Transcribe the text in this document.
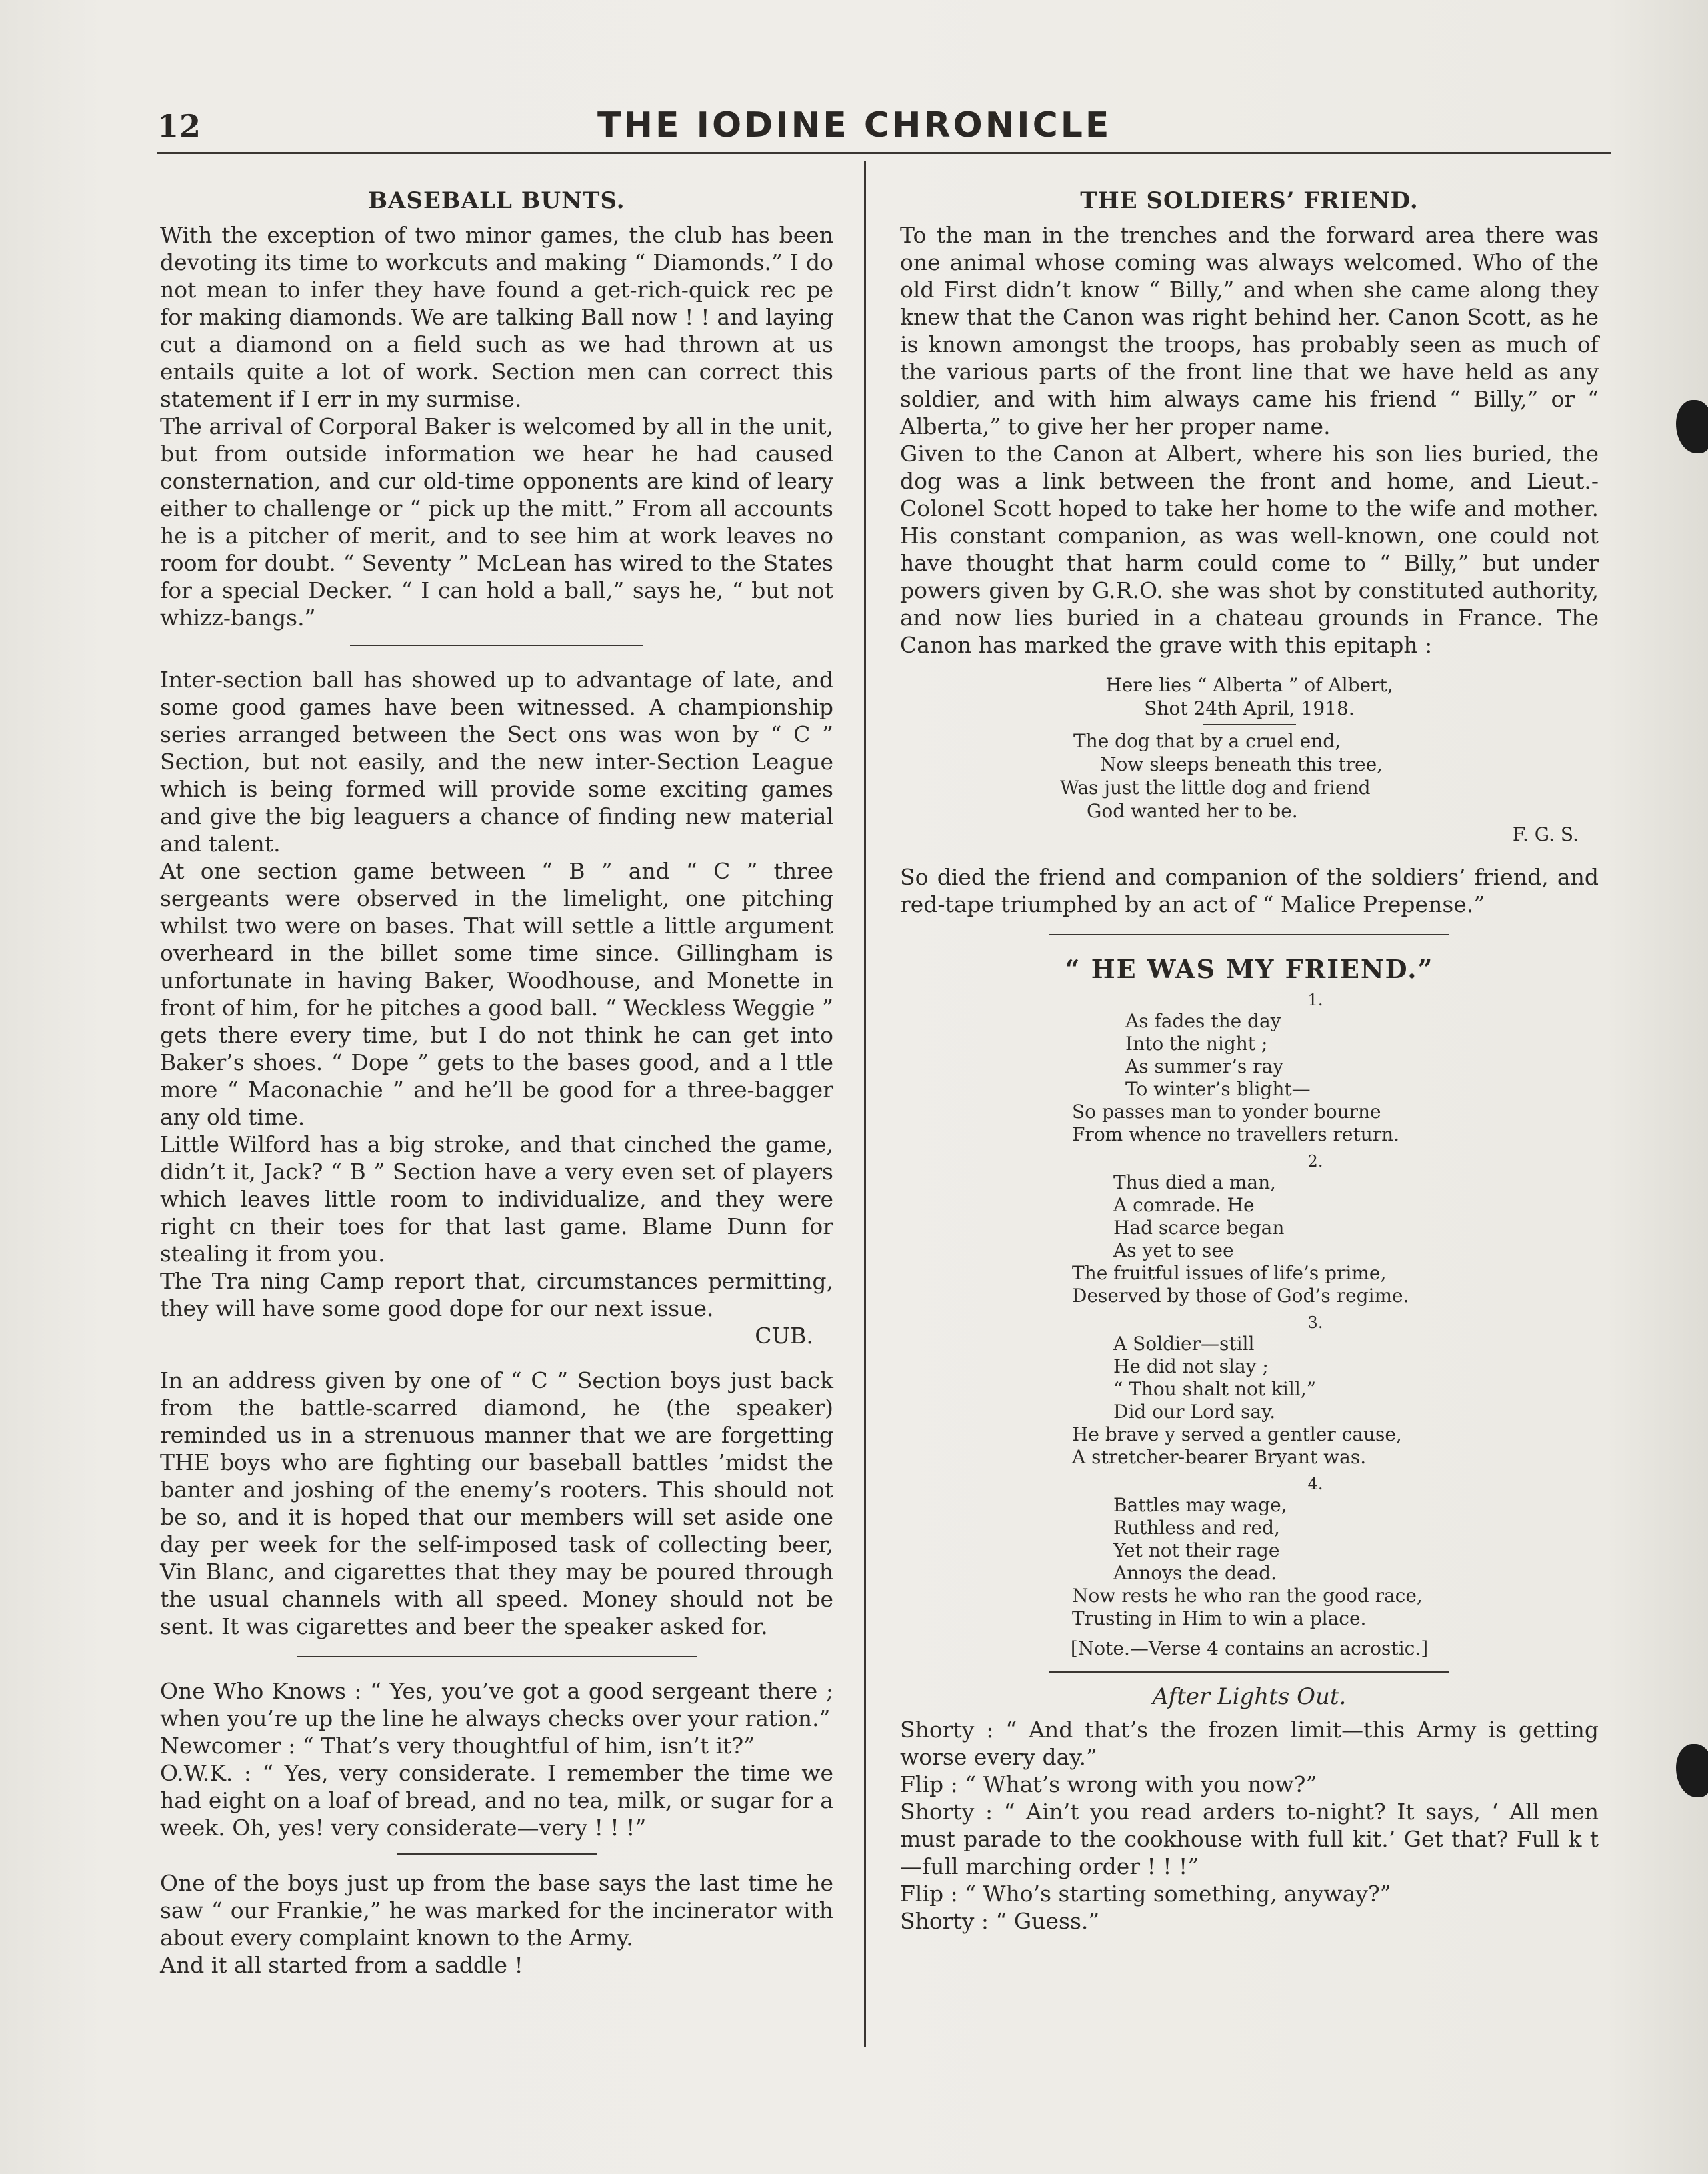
12	THE IODINE CHRONICLE
BASEBALL BUNTS.

With the exception of two minor games, the club has been devoting its time to workcuts and making “ Diamonds.” I do not mean to infer they have found a get-rich-quick rec pe for making diamonds. We are talking Ball now ! ! and laying cut a diamond on a field such as we had thrown at us entails quite a lot of work. Section men can correct this statement if I err in my surmise.

The arrival of Corporal Baker is welcomed by all in the unit, but from outside information we hear he had caused consternation, and cur old-time opponents are kind of leary either to challenge or “ pick up the mitt.” From all accounts he is a pitcher of merit, and to see him at work leaves no room for doubt. “ Seventy ” McLean has wired to the States for a special Decker. “ I can hold a ball,” says he, “ but not whizz-bangs.”

Inter-section ball has showed up to advantage of late, and some good games have been witnessed. A championship series arranged between the Sect ons was won by “ C ” Section, but not easily, and the new inter-Section League which is being formed will provide some exciting games and give the big leaguers a chance of finding new material and talent.

At one section game between “ B ” and “ C ” three sergeants were observed in the limelight, one pitching whilst two were on bases. That will settle a little argument overheard in the billet some time since. Gillingham is unfortunate in having Baker, Woodhouse, and Monette in front of him, for he pitches a good ball. “ Weckless Weggie ” gets there every time, but I do not think he can get into Baker’s shoes. “ Dope ” gets to the bases good, and a l ttle more “ Maconachie ” and he’ll be good for a three-bagger any old time.

Little Wilford has a big stroke, and that cinched the game, didn’t it, Jack? “ B ” Section have a very even set of players which leaves little room to individualize, and they were right cn their toes for that last game. Blame Dunn for stealing it from you.

The Tra ning Camp report that, circumstances permitting, they will have some good dope for our next issue.

CUB.

In an address given by one of “ C ” Section boys just back from the battle-scarred diamond, he (the speaker) reminded us in a strenuous manner that we are forgetting THE boys who are fighting our baseball battles ’midst the banter and joshing of the enemy’s rooters. This should not be so, and it is hoped that our members will set aside one day per week for the self-imposed task of collecting beer, Vin Blanc, and cigarettes that they may be poured through the usual channels with all speed. Money should not be sent. It was cigarettes and beer the speaker asked for.

One Who Knows : “ Yes, you’ve got a good sergeant there ; when you’re up the line he always checks over your ration.”

Newcomer : “ That’s very thoughtful of him, isn’t it?”

O.W.K. : “ Yes, very considerate. I remember the time we had eight on a loaf of bread, and no tea, milk, or sugar for a week. Oh, yes! very considerate—very ! ! !”

One of the boys just up from the base says the last time he saw “ our Frankie,” he was marked for the incinerator with about every complaint known to the Army.

And it all started from a saddle !

THE SOLDIERS’ FRIEND.

To the man in the trenches and the forward area there was one animal whose coming was always welcomed. Who of the old First didn’t know “ Billy,” and when she came along they knew that the Canon was right behind her. Canon Scott, as he is known amongst the troops, has probably seen as much of the various parts of the front line that we have held as any soldier, and with him always came his friend “ Billy,” or “ Alberta,” to give her her proper name.

Given to the Canon at Albert, where his son lies buried, the dog was a link between the front and home, and Lieut.-Colonel Scott hoped to take her home to the wife and mother. His constant companion, as was well-known, one could not have thought that harm could come to “ Billy,” but under powers given by G.R.O. she was shot by constituted authority, and now lies buried in a chateau grounds in France. The Canon has marked the grave with this epitaph :

Here lies “ Alberta ” of Albert,
Shot 24th April, 1918.
The dog that by a cruel end,
Now sleeps beneath this tree,
Was just the little dog and friend
God wanted her to be.
F. G. S.

So died the friend and companion of the soldiers’ friend, and red-tape triumphed by an act of “ Malice Prepense.”

“ HE WAS MY FRIEND.”
1.
As fades the day
Into the night ;
As summer’s ray
To winter’s blight—
So passes man to yonder bourne
From whence no travellers return.
2.
Thus died a man,
A comrade. He
Had scarce began
As yet to see
The fruitful issues of life’s prime,
Deserved by those of God’s regime.
3.
A Soldier—still
He did not slay ;
“ Thou shalt not kill,”
Did our Lord say.
He brave y served a gentler cause,
A stretcher-bearer Bryant was.
4.
Battles may wage,
Ruthless and red,
Yet not their rage
Annoys the dead.
Now rests he who ran the good race,
Trusting in Him to win a place.
[Note.—Verse 4 contains an acrostic.]
After Lights Out.

Shorty : “ And that’s the frozen limit—this Army is getting worse every day.”

Flip : “ What’s wrong with you now?”

Shorty : “ Ain’t you read arders to-night? It says, ‘ All men must parade to the cookhouse with full kit.’ Get that? Full k t—full marching order ! ! !”

Flip : “ Who’s starting something, anyway?”

Shorty : “ Guess.”
